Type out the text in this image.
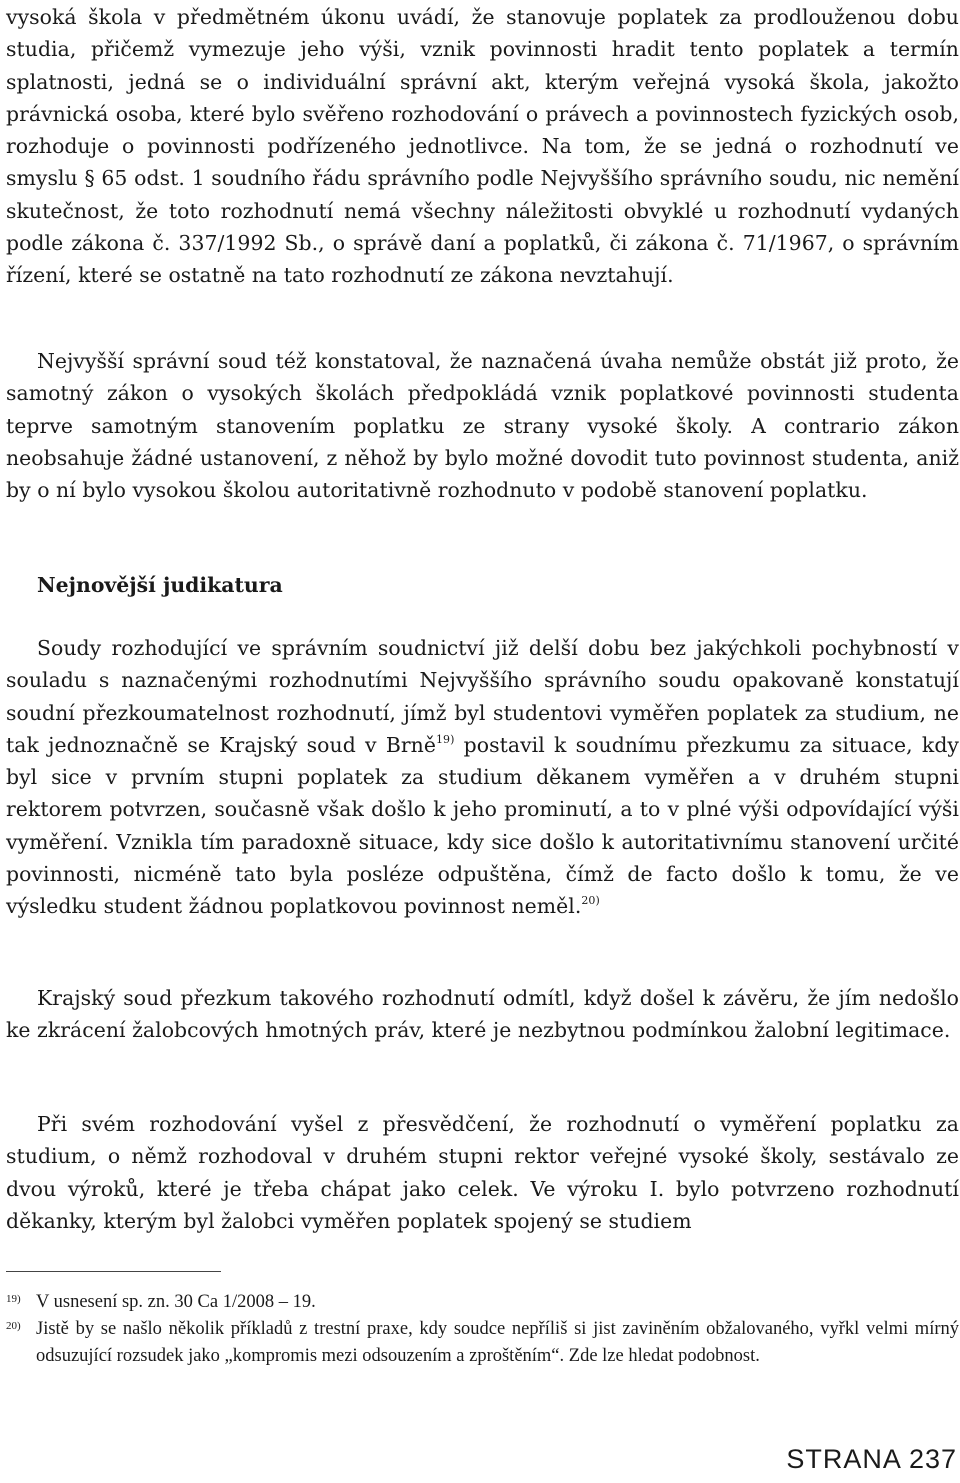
vysoká škola v předmětném úkonu uvádí, že stanovuje poplatek za prodlouženou dobu studia, přičemž vymezuje jeho výši, vznik povinnosti hradit tento poplatek a termín splatnosti, jedná se o individuální správní akt, kterým veřejná vysoká škola, jakožto právnická osoba, které bylo svěřeno rozhodování o právech a povinnostech fyzických osob, rozhoduje o povinnosti podřízeného jednotlivce. Na tom, že se jedná o rozhodnutí ve smyslu § 65 odst. 1 soudního řádu správního podle Nejvyššího správního soudu, nic nemění skutečnost, že toto rozhodnutí nemá všechny náležitosti obvyklé u rozhodnutí vydaných podle zákona č. 337/1992 Sb., o správě daní a poplatků, či zákona č. 71/1967, o správním řízení, které se ostatně na tato rozhodnutí ze zákona nevztahují.

Nejvyšší správní soud též konstatoval, že naznačená úvaha nemůže obstát již proto, že samotný zákon o vysokých školách předpokládá vznik poplatkové povinnosti studenta teprve samotným stanovením poplatku ze strany vysoké školy. A contrario zákon neobsahuje žádné ustanovení, z něhož by bylo možné dovodit tuto povinnost studenta, aniž by o ní bylo vysokou školou autoritativně rozhodnuto v podobě stanovení poplatku.

Nejnovější judikatura

Soudy rozhodující ve správním soudnictví již delší dobu bez jakýchkoli pochybností v souladu s naznačenými rozhodnutími Nejvyššího správního soudu opakovaně konstatují soudní přezkoumatelnost rozhodnutí, jímž byl studentovi vyměřen poplatek za studium, ne tak jednoznačně se Krajský soud v Brně$^{19)}$ postavil k soudnímu přezkumu za situace, kdy byl sice v prvním stupni poplatek za studium děkanem vyměřen a v druhém stupni rektorem potvrzen, současně však došlo k jeho prominutí, a to v plné výši odpovídající výši vyměření. Vznikla tím paradoxně situace, kdy sice došlo k autoritativnímu stanovení určité povinnosti, nicméně tato byla posléze odpuštěna, čímž de facto došlo k tomu, že ve výsledku student žádnou poplatkovou povinnost neměl.$^{20)}$

Krajský soud přezkum takového rozhodnutí odmítl, když došel k závěru, že jím nedošlo ke zkrácení žalobcových hmotných práv, které je nezbytnou podmínkou žalobní legitimace.

Při svém rozhodování vyšel z přesvědčení, že rozhodnutí o vyměření poplatku za studium, o němž rozhodoval v druhém stupni rektor veřejné vysoké školy, sestávalo ze dvou výroků, které je třeba chápat jako celek. Ve výroku I. bylo potvrzeno rozhodnutí děkanky, kterým byl žalobci vyměřen poplatek spojený se studiem

19) V usnesení sp. zn. 30 Ca 1/2008 – 19.
20) Jistě by se našlo několik příkladů z trestní praxe, kdy soudce nepříliš si jist zaviněním obžalovaného, vyřkl velmi mírný odsuzující rozsudek jako „kompromis mezi odsouzením a zproštěním“. Zde lze hledat podobnost.
STRANA 237
